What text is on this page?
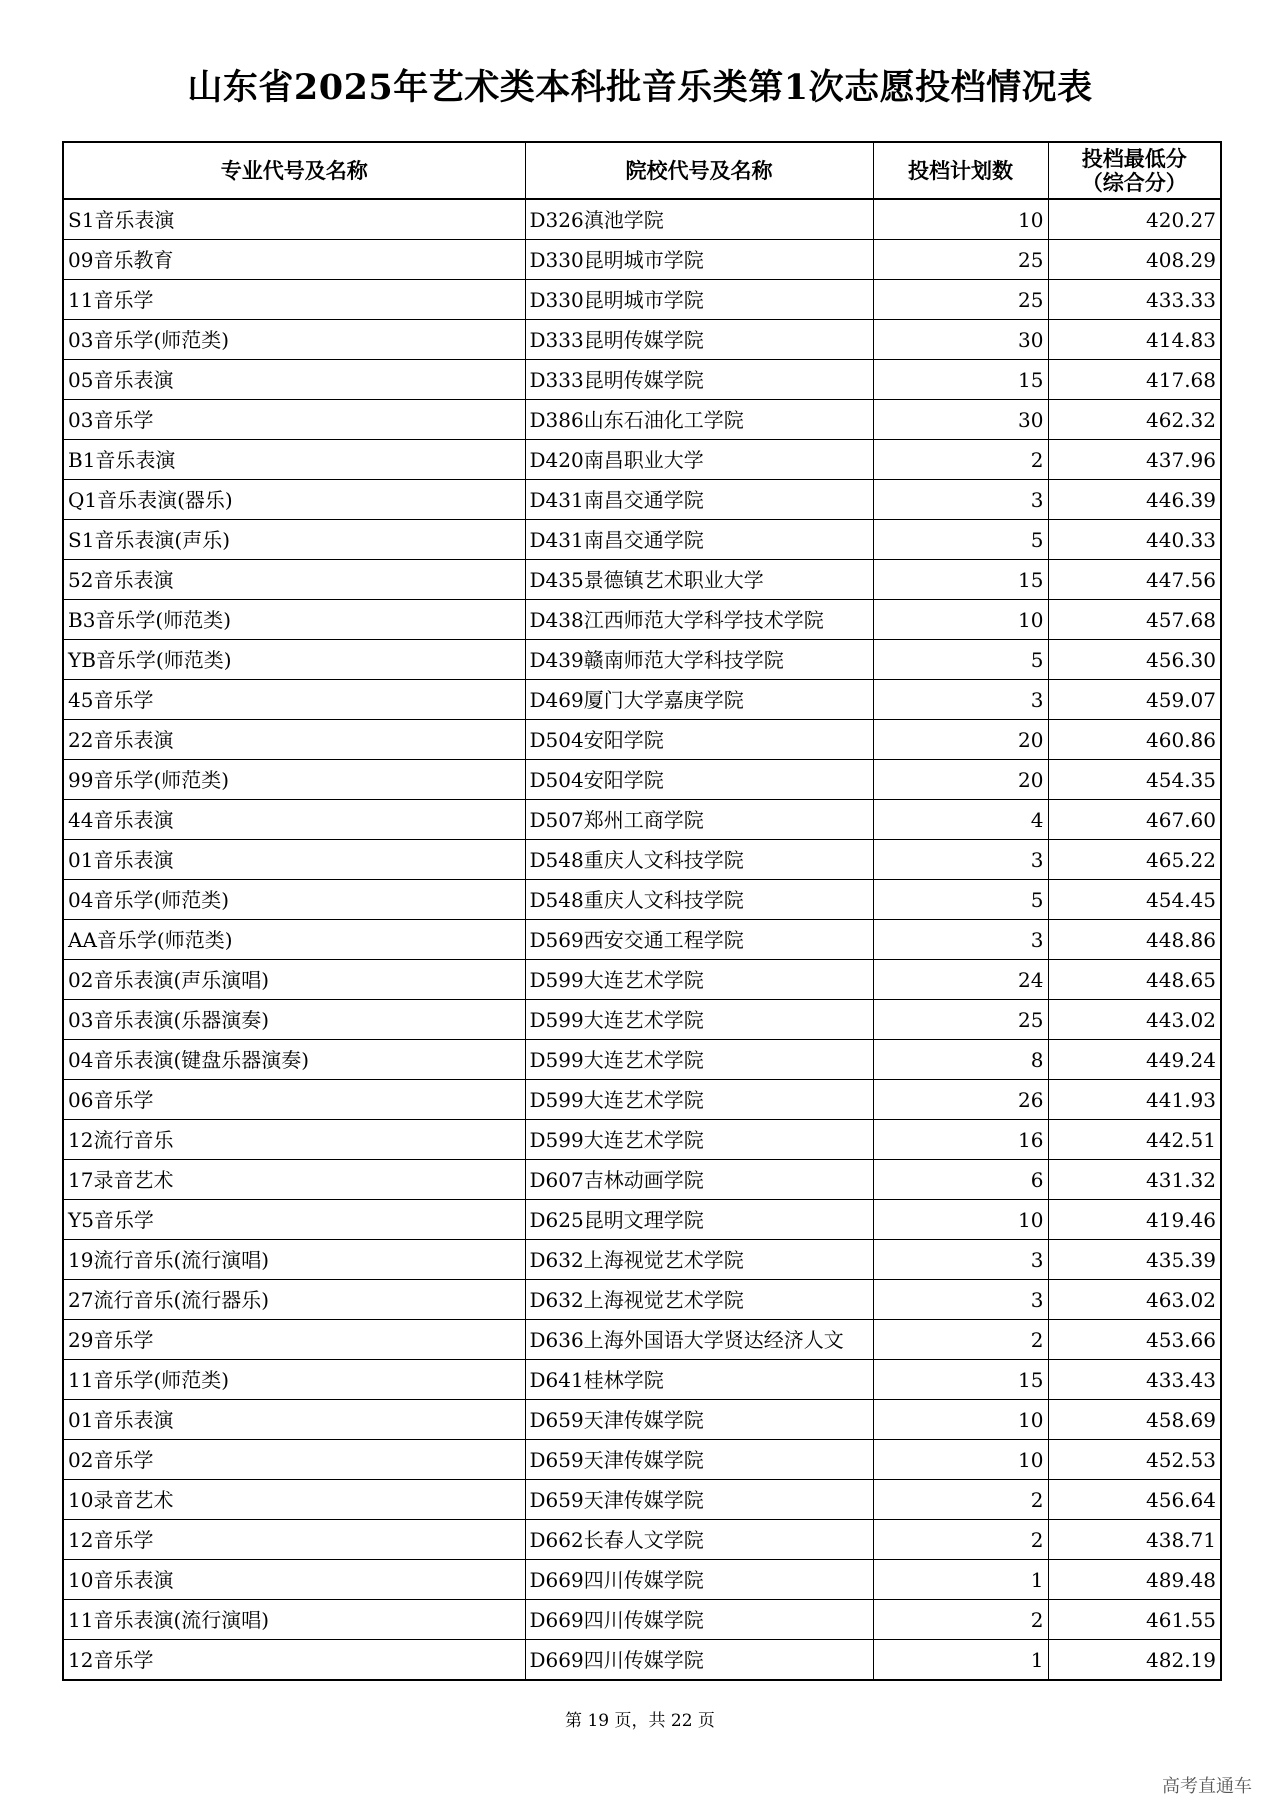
山东省2025年艺术类本科批音乐类第1次志愿投档情况表
专业代号及名称	院校代号及名称	投档计划数	投档最低分
（综合分）

S1音乐表演	D326滇池学院	10	420.27
09音乐教育	D330昆明城市学院	25	408.29
11音乐学	D330昆明城市学院	25	433.33
03音乐学(师范类)	D333昆明传媒学院	30	414.83
05音乐表演	D333昆明传媒学院	15	417.68
03音乐学	D386山东石油化工学院	30	462.32
B1音乐表演	D420南昌职业大学	2	437.96
Q1音乐表演(器乐)	D431南昌交通学院	3	446.39
S1音乐表演(声乐)	D431南昌交通学院	5	440.33
52音乐表演	D435景德镇艺术职业大学	15	447.56
B3音乐学(师范类)	D438江西师范大学科学技术学院	10	457.68
YB音乐学(师范类)	D439赣南师范大学科技学院	5	456.30
45音乐学	D469厦门大学嘉庚学院	3	459.07
22音乐表演	D504安阳学院	20	460.86
99音乐学(师范类)	D504安阳学院	20	454.35
44音乐表演	D507郑州工商学院	4	467.60
01音乐表演	D548重庆人文科技学院	3	465.22
04音乐学(师范类)	D548重庆人文科技学院	5	454.45
AA音乐学(师范类)	D569西安交通工程学院	3	448.86
02音乐表演(声乐演唱)	D599大连艺术学院	24	448.65
03音乐表演(乐器演奏)	D599大连艺术学院	25	443.02
04音乐表演(键盘乐器演奏)	D599大连艺术学院	8	449.24
06音乐学	D599大连艺术学院	26	441.93
12流行音乐	D599大连艺术学院	16	442.51
17录音艺术	D607吉林动画学院	6	431.32
Y5音乐学	D625昆明文理学院	10	419.46
19流行音乐(流行演唱)	D632上海视觉艺术学院	3	435.39
27流行音乐(流行器乐)	D632上海视觉艺术学院	3	463.02
29音乐学	D636上海外国语大学贤达经济人文	2	453.66
11音乐学(师范类)	D641桂林学院	15	433.43
01音乐表演	D659天津传媒学院	10	458.69
02音乐学	D659天津传媒学院	10	452.53
10录音艺术	D659天津传媒学院	2	456.64
12音乐学	D662长春人文学院	2	438.71
10音乐表演	D669四川传媒学院	1	489.48
11音乐表演(流行演唱)	D669四川传媒学院	2	461.55
12音乐学	D669四川传媒学院	1	482.19
第 19 页，共 22 页
高考直通车
